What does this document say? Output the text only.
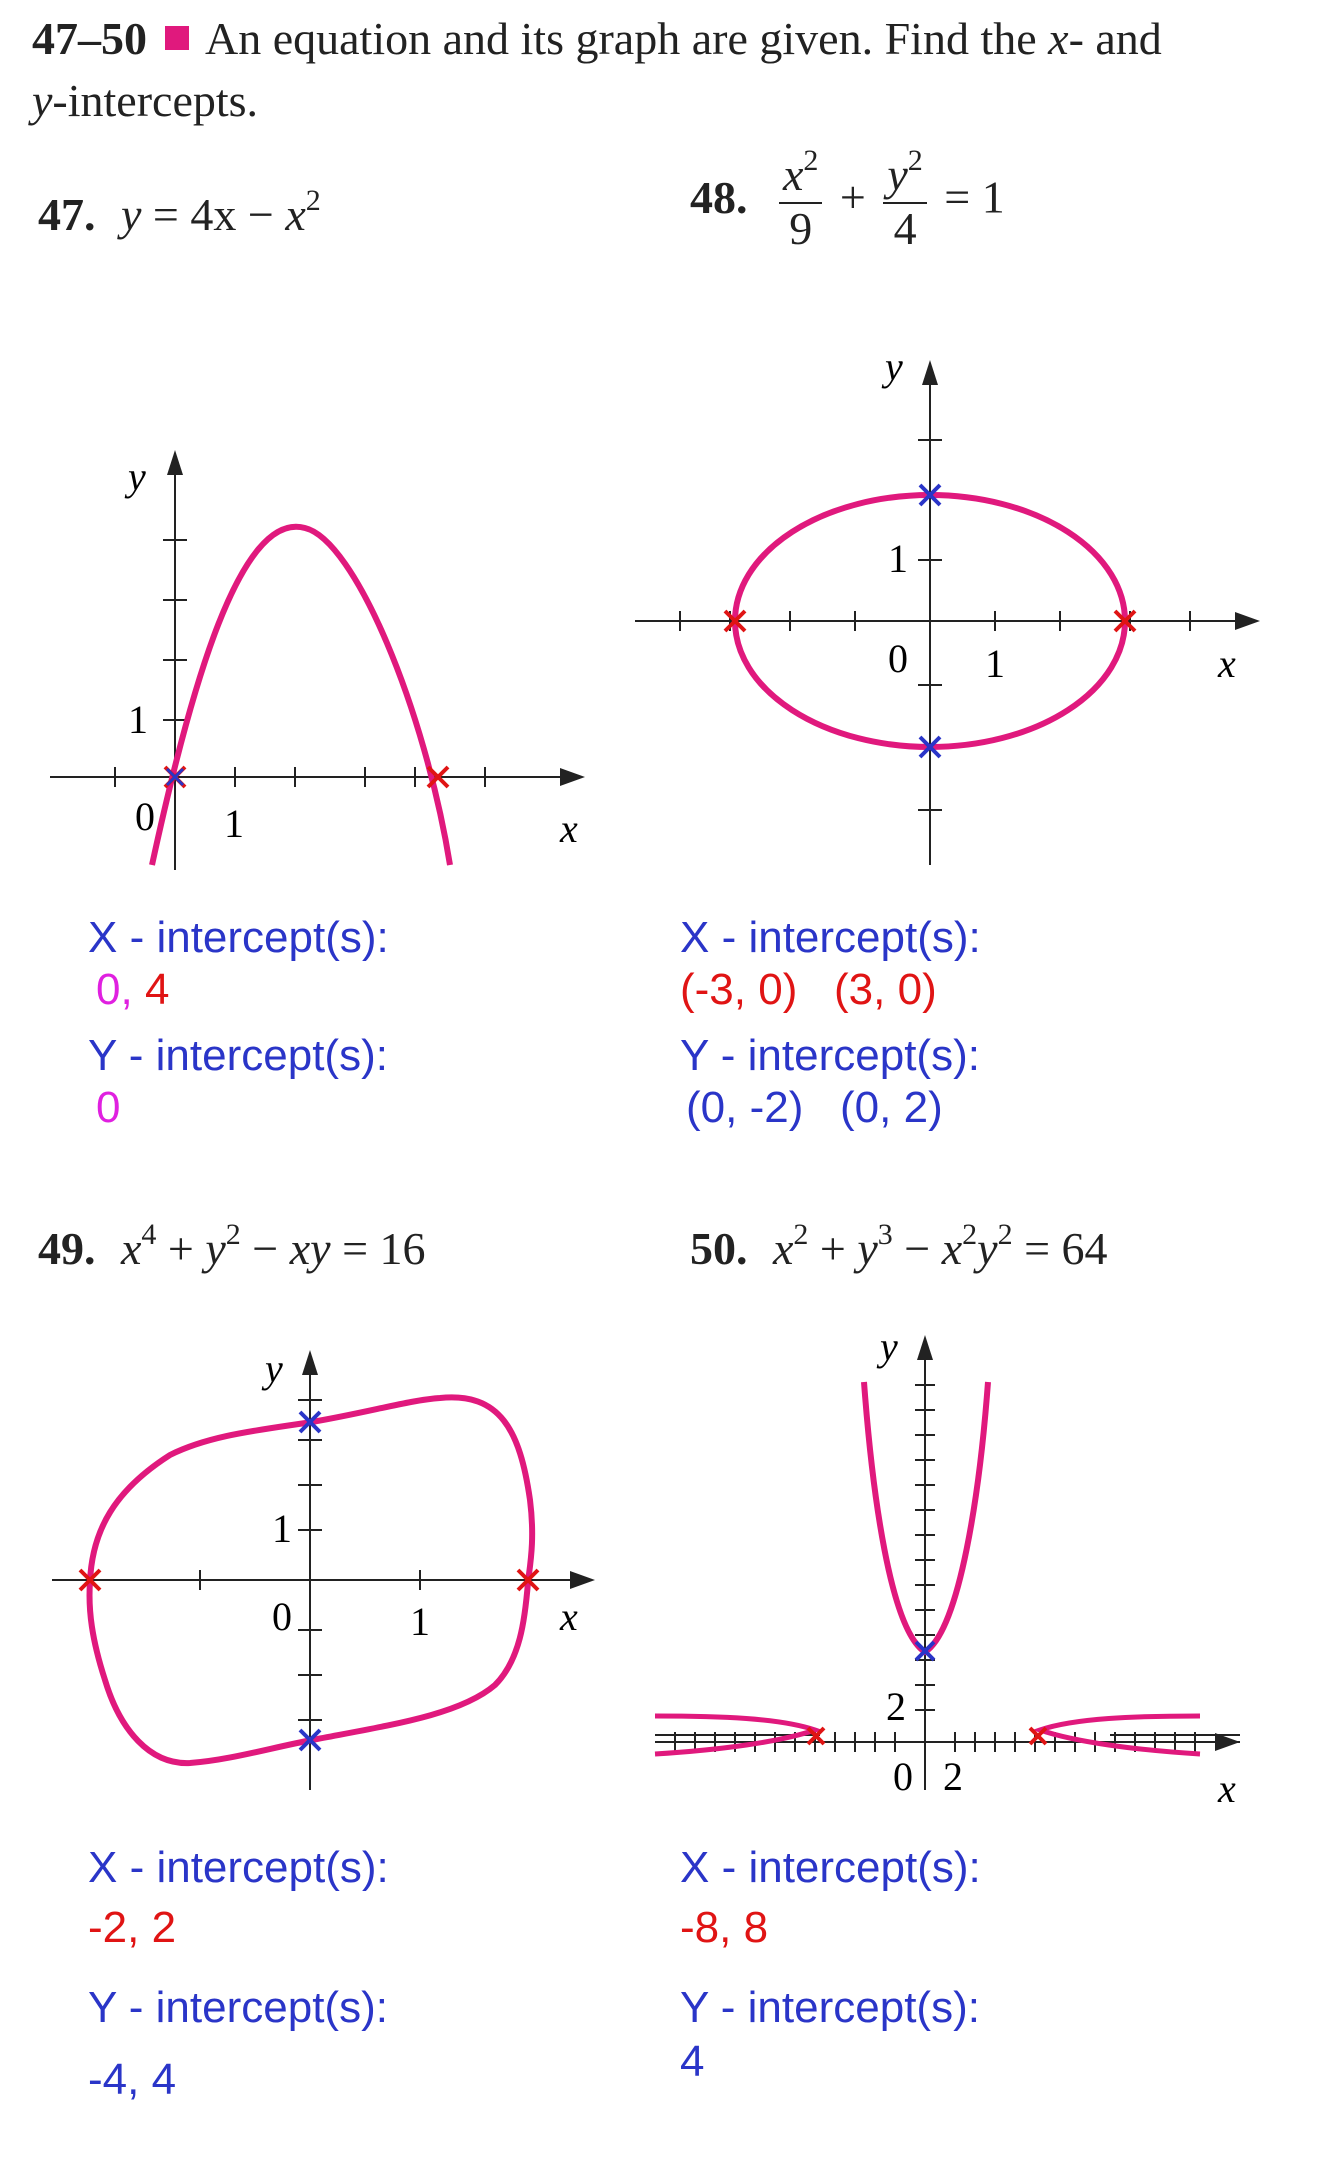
47–50 An equation and its graph are given. Find the x- and
y-intercepts.
47. $y = 4x - x^2$
x
y
0 1
1
X - intercept(s):
0, 4
Y - intercept(s):
0
48. $\frac{x^2}{9} + \frac{y^2}{4} = 1$
x
y
0 1
1
X - intercept(s):
(-3, 0)   (3, 0)
Y - intercept(s):
(0, -2)   (0, 2)
49. $x^4 + y^2$ − xy = 16
x
y
0	1
1
X - intercept(s):
-2, 2
Y - intercept(s):
-4, 4
50. $x^2 + y^3 - x^2y^2 = 64$
x
y
0 2
2
X - intercept(s):
-8, 8
Y - intercept(s):
4
